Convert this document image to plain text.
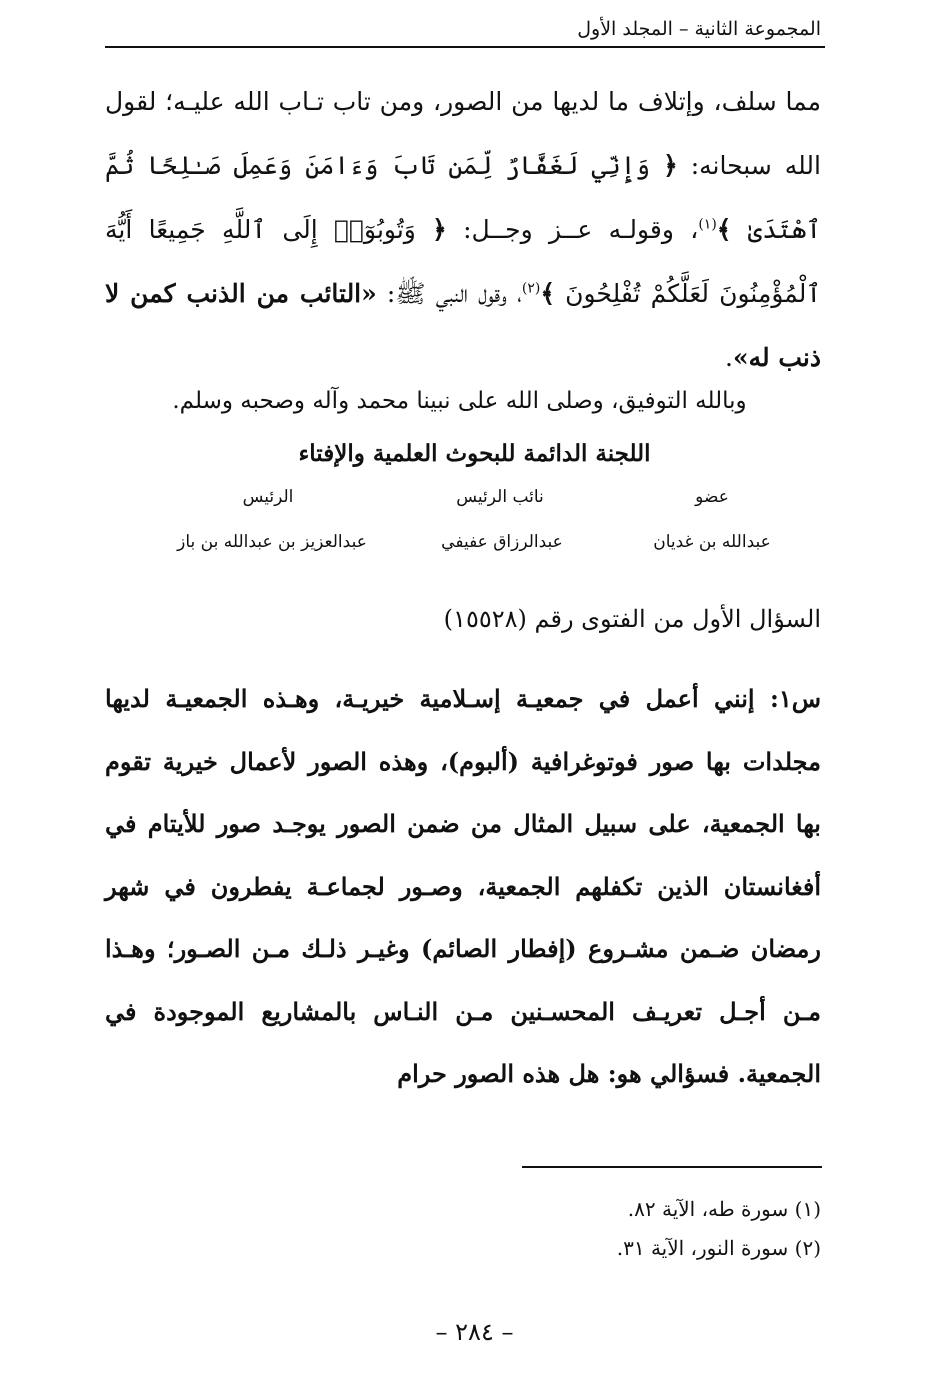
المجموعة الثانية – المجلد الأول
مما سلف، وإتلاف ما لديها من الصور، ومن تاب تـاب الله عليـه؛ لقول الله سبحانه: ﴿ وَإِنِّي لَغَفَّارٌ لِّمَن تَابَ وَءَامَنَ وَعَمِلَ صَـٰلِحًا ثُمَّ ٱهْتَدَىٰ ﴾$^{(١)}$، وقولـه عــز وجــل: ﴿ وَتُوبُوٓا۟ إِلَى ٱللَّهِ جَمِيعًا أَيُّهَ ٱلْمُؤْمِنُونَ لَعَلَّكُمْ تُفْلِحُونَ ﴾$^{(٢)}$، وقول النبي ﷺ: «التائب من الذنب كمن لا ذنب له».
وبالله التوفيق، وصلى الله على نبينا محمد وآله وصحبه وسلم.
اللجنة الدائمة للبحوث العلمية والإفتاء
عضو
نائب الرئيس
الرئيس
عبدالله بن غديان
عبدالرزاق عفيفي
عبدالعزيز بن عبدالله بن باز
السؤال الأول من الفتوى رقم (١٥٥٢٨)
س١: إنني أعمل في جمعيـة إسـلامية خيريـة، وهـذه الجمعيـة لديها مجلدات بها صور فوتوغرافية (ألبوم)، وهذه الصور لأعمال خيرية تقوم بها الجمعية، على سبيل المثال من ضمن الصور يوجـد صور للأيتام في أفغانستان الذين تكفلهم الجمعية، وصـور لجماعـة يفطرون في شهر رمضان ضـمن مشـروع (إفطار الصائم) وغيـر ذلـك مـن الصـور؛ وهـذا مـن أجـل تعريـف المحسـنين مـن النـاس بالمشاريع الموجودة في الجمعية. فسؤالي هو: هل هذه الصور حرام
(١) سورة طه، الآية ٨٢.
(٢) سورة النور، الآية ٣١.
– ٢٨٤ –
